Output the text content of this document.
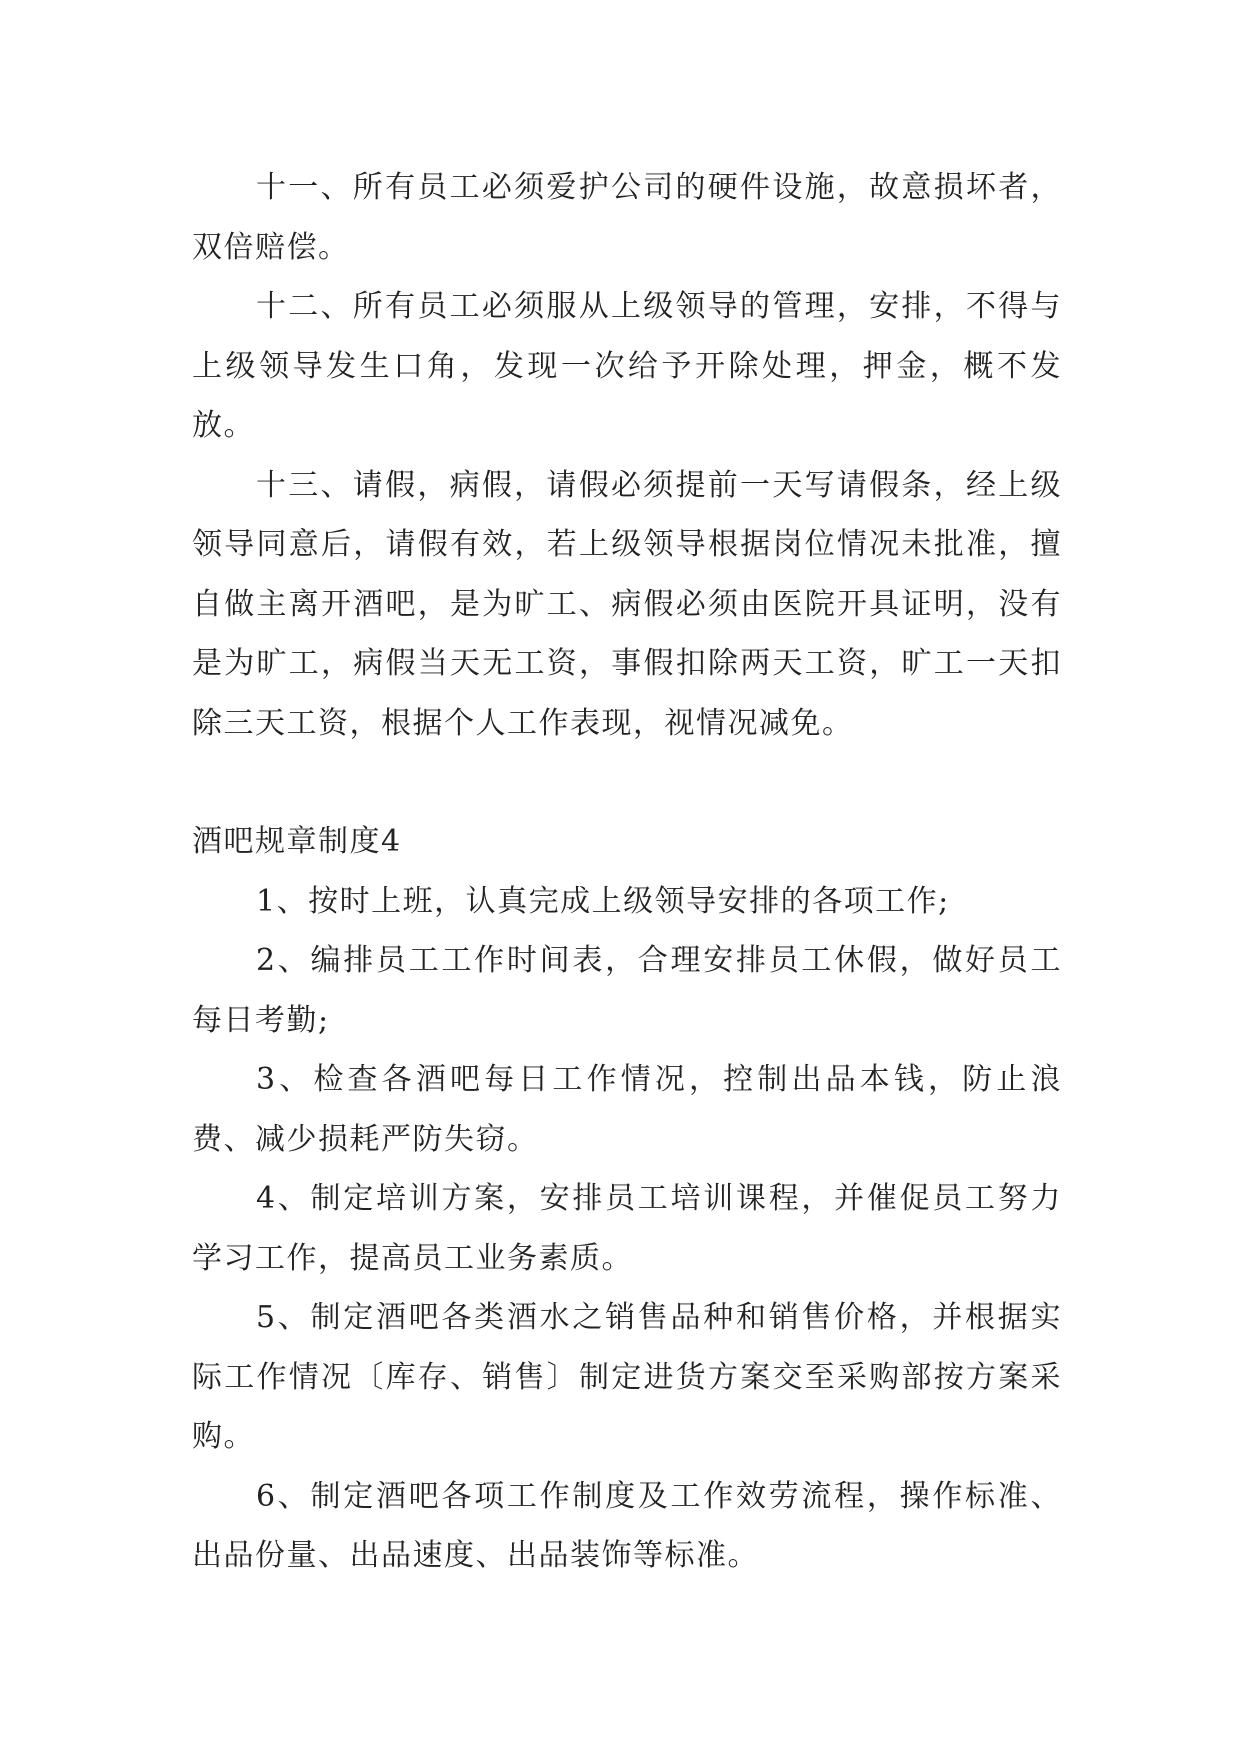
十一、所有员工必须爱护公司的硬件设施，故意损坏者，双倍赔偿。

十二、所有员工必须服从上级领导的管理，安排，不得与上级领导发生口角，发现一次给予开除处理，押金，概不发放。

十三、请假，病假，请假必须提前一天写请假条，经上级领导同意后，请假有效，若上级领导根据岗位情况未批准，擅自做主离开酒吧，是为旷工、病假必须由医院开具证明，没有是为旷工，病假当天无工资，事假扣除两天工资，旷工一天扣除三天工资，根据个人工作表现，视情况减免。

酒吧规章制度4

1、按时上班，认真完成上级领导安排的各项工作;

2、编排员工工作时间表，合理安排员工休假，做好员工每日考勤;

3、检查各酒吧每日工作情况，控制出品本钱，防止浪费、减少损耗严防失窃。

4、制定培训方案，安排员工培训课程，并催促员工努力学习工作，提高员工业务素质。

5、制定酒吧各类酒水之销售品种和销售价格，并根据实际工作情况〔库存、销售〕制定进货方案交至采购部按方案采购。

6、制定酒吧各项工作制度及工作效劳流程，操作标准、出品份量、出品速度、出品装饰等标准。
